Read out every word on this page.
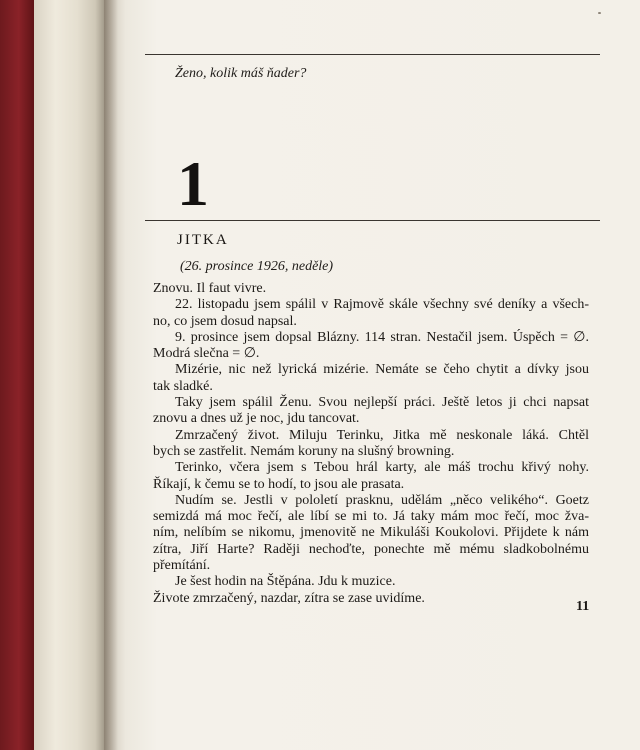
Ženo, kolik máš ňader?
1
JITKA
(26. prosince 1926, neděle)
Znovu. Il faut vivre.
22. listopadu jsem spálil v Rajmově skále všechny své deníky a všech-
no, co jsem dosud napsal.
9. prosince jsem dopsal Blázny. 114 stran. Nestačil jsem. Úspěch = ∅.
Modrá slečna = ∅.
Mizérie, nic než lyrická mizérie. Nemáte se čeho chytit a dívky jsou
tak sladké.
Taky jsem spálil Ženu. Svou nejlepší práci. Ještě letos ji chci napsat
znovu a dnes už je noc, jdu tancovat.
Zmrzačený život. Miluju Terinku, Jitka mě neskonale láká. Chtěl
bych se zastřelit. Nemám koruny na slušný browning.
Terinko, včera jsem s Tebou hrál karty, ale máš trochu křivý nohy.
Říkají, k čemu se to hodí, to jsou ale prasata.
Nudím se. Jestli v pololetí prasknu, udělám „něco velikého“. Goetz
semizdá má moc řečí, ale líbí se mi to. Já taky mám moc řečí, moc žva-
ním, nelíbím se nikomu, jmenovitě ne Mikuláši Koukolovi. Přijdete k nám
zítra, Jiří Harte? Raději nechoďte, ponechte mě mému sladkobolnému
přemítání.
Je šest hodin na Štěpána. Jdu k muzice.
Živote zmrzačený, nazdar, zítra se zase uvidíme.
11
